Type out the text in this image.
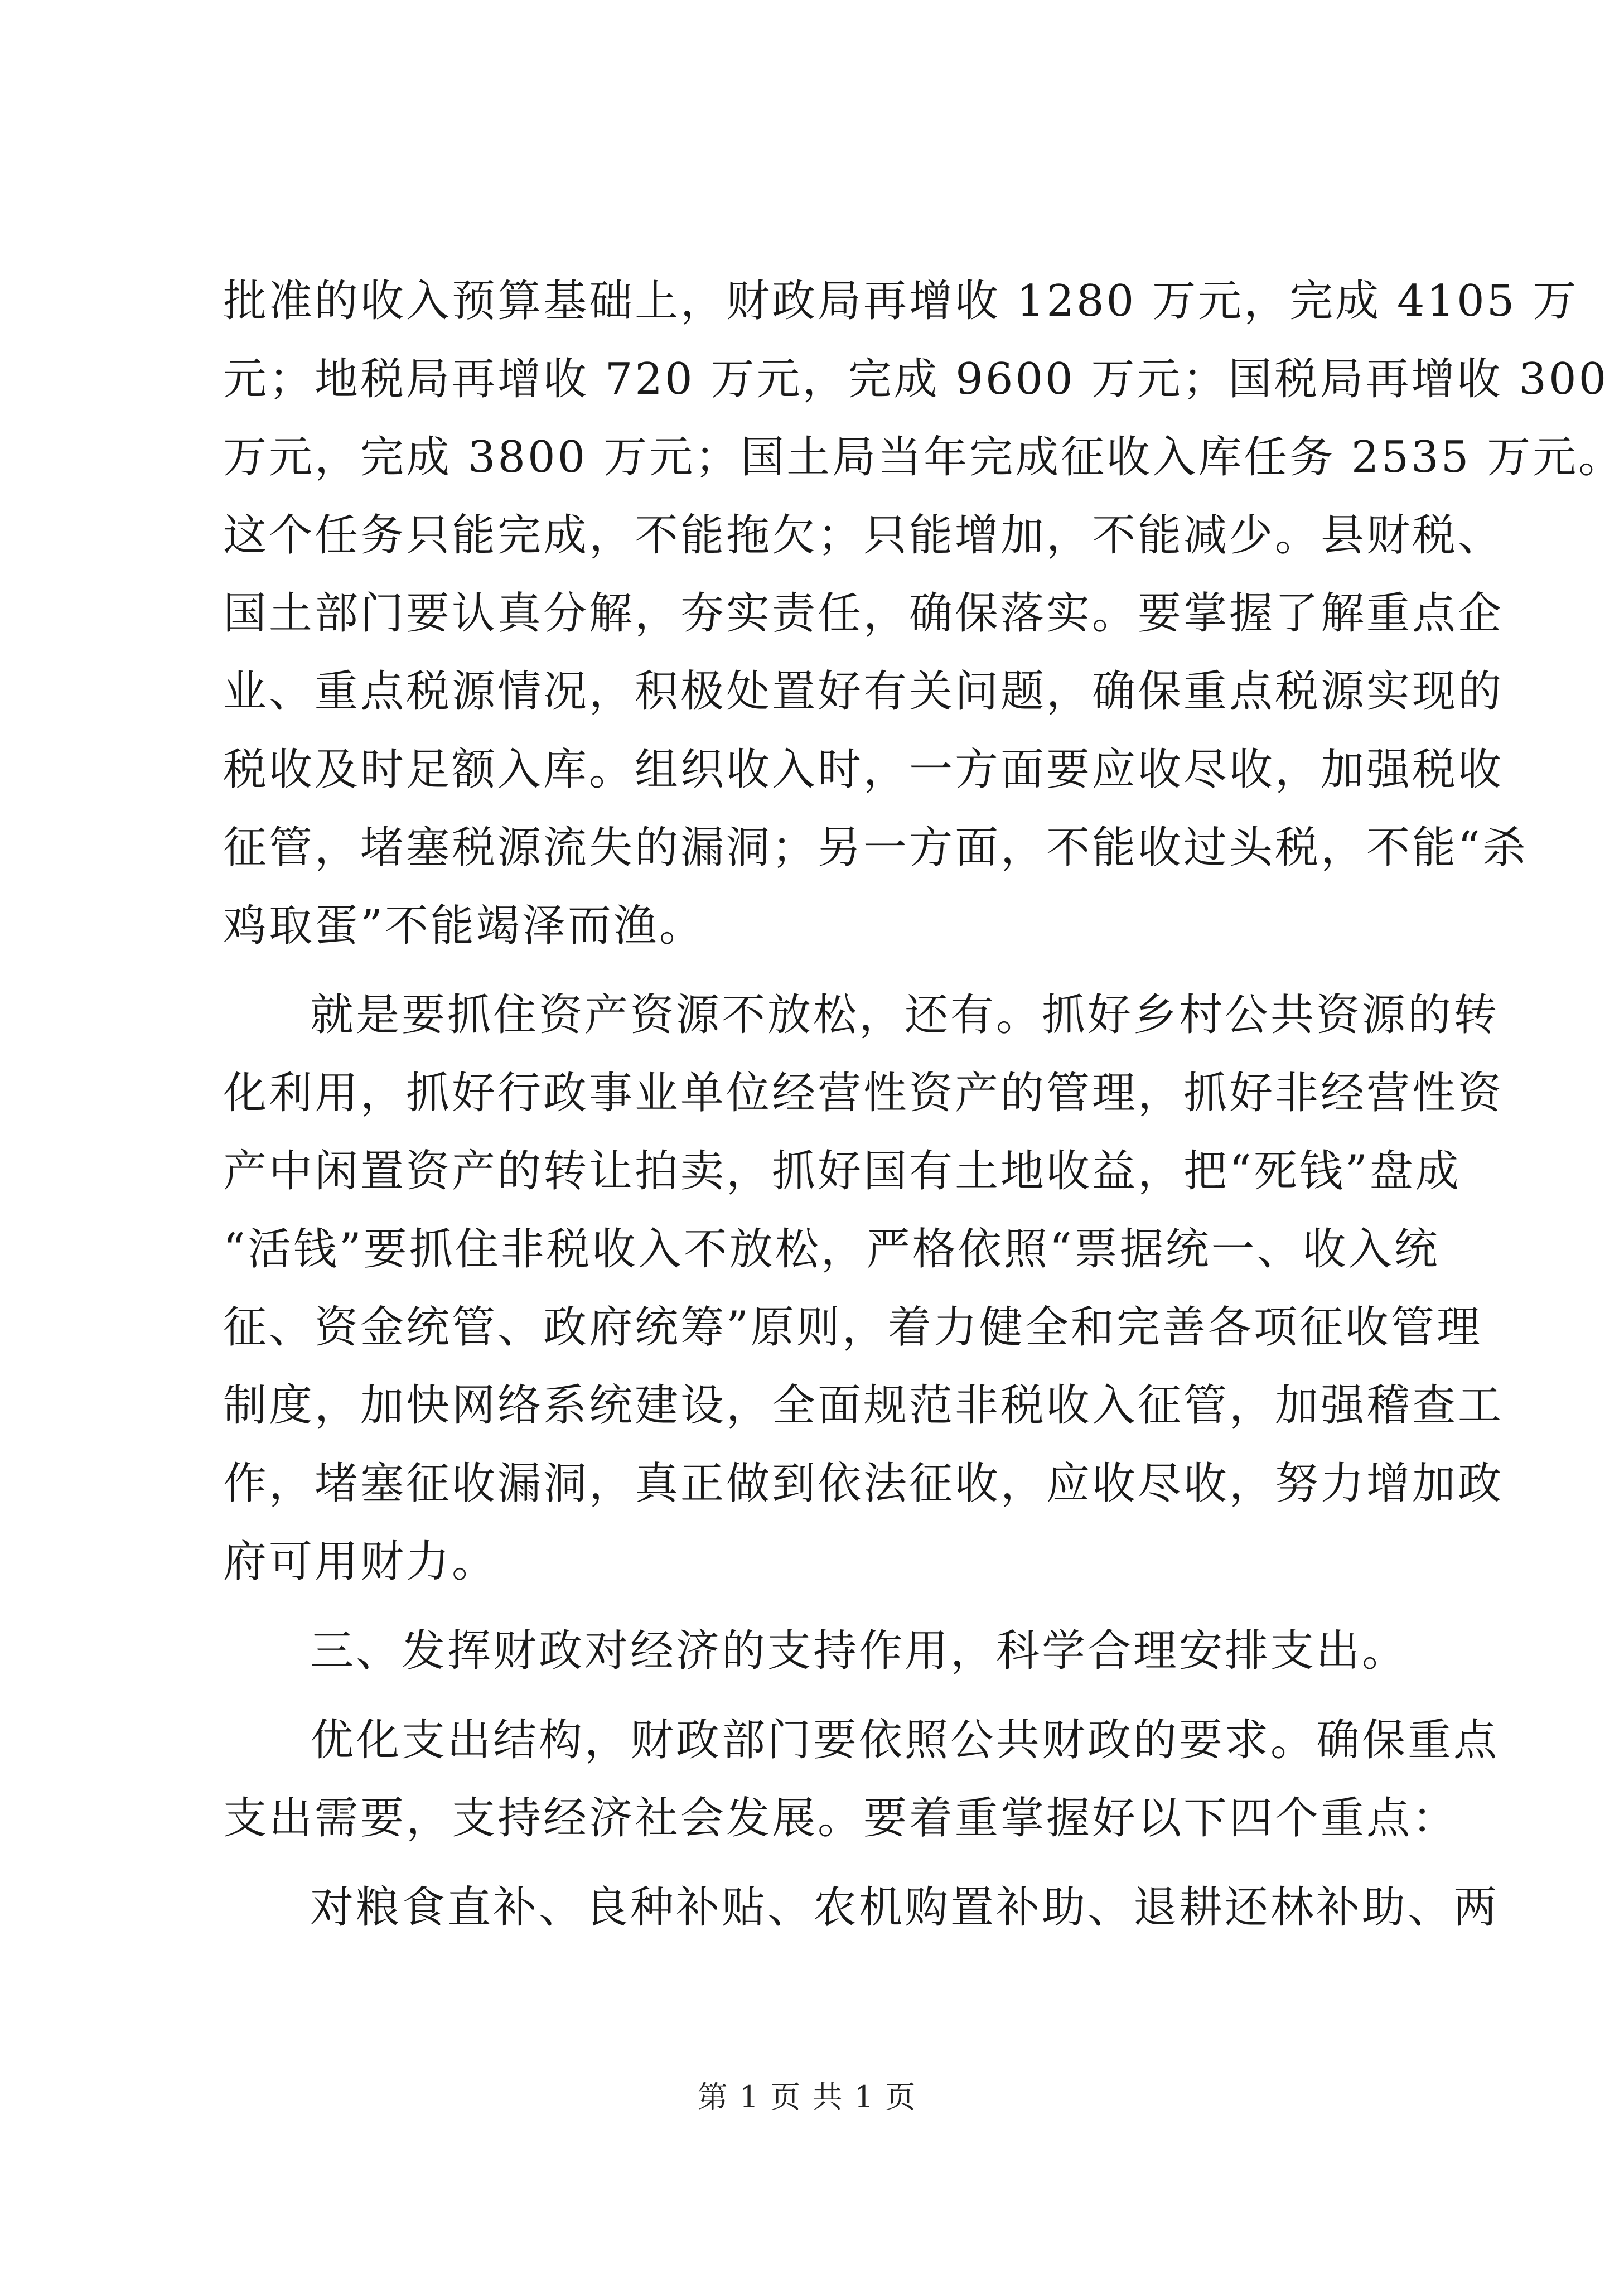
批准的收入预算基础上，财政局再增收 1280 万元，完成 4105 万
元；地税局再增收 720 万元，完成 9600 万元；国税局再增收 300
万元，完成 3800 万元；国土局当年完成征收入库任务 2535 万元。
这个任务只能完成，不能拖欠；只能增加，不能减少。县财税、
国土部门要认真分解，夯实责任，确保落实。要掌握了解重点企
业、重点税源情况，积极处置好有关问题，确保重点税源实现的
税收及时足额入库。组织收入时，一方面要应收尽收，加强税收
征管，堵塞税源流失的漏洞；另一方面，不能收过头税，不能“杀
鸡取蛋”不能竭泽而渔。
就是要抓住资产资源不放松，还有。抓好乡村公共资源的转
化利用，抓好行政事业单位经营性资产的管理，抓好非经营性资
产中闲置资产的转让拍卖，抓好国有土地收益，把“死钱”盘成
“活钱”要抓住非税收入不放松，严格依照“票据统一、收入统
征、资金统管、政府统筹”原则，着力健全和完善各项征收管理
制度，加快网络系统建设，全面规范非税收入征管，加强稽查工
作，堵塞征收漏洞，真正做到依法征收，应收尽收，努力增加政
府可用财力。
三、发挥财政对经济的支持作用，科学合理安排支出。
优化支出结构，财政部门要依照公共财政的要求。确保重点
支出需要，支持经济社会发展。要着重掌握好以下四个重点：
对粮食直补、良种补贴、农机购置补助、退耕还林补助、两
第 1 页 共 1 页
